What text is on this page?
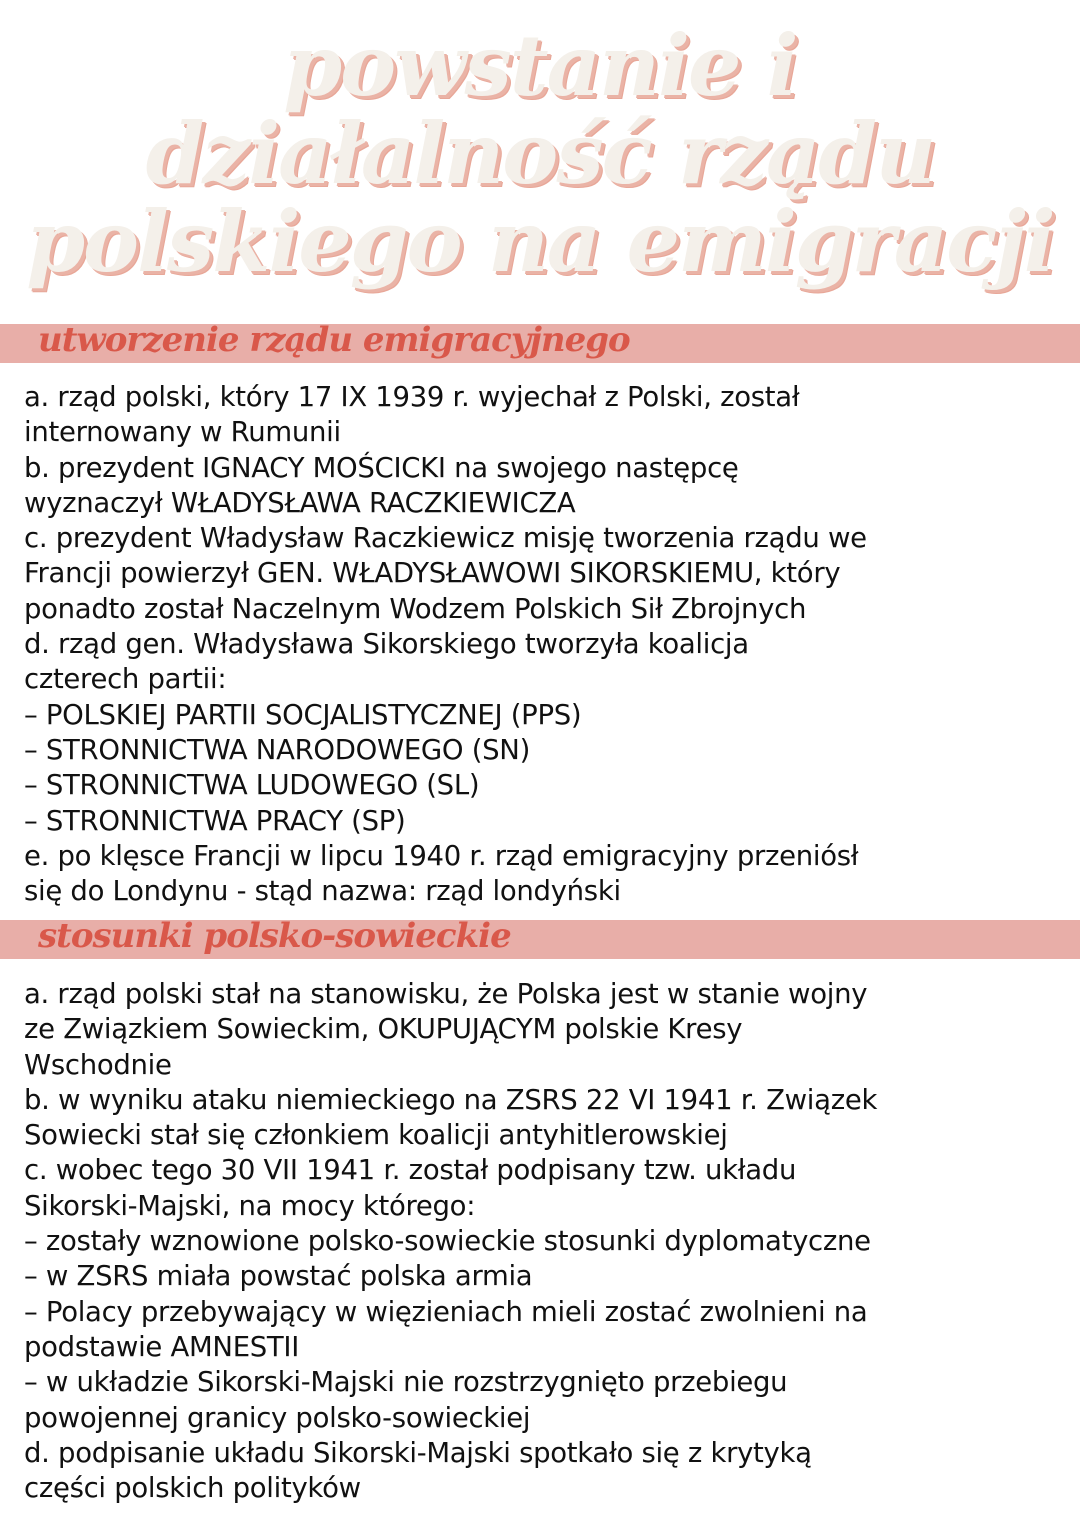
powstanie i
działalność rządu
polskiego na emigracji
utworzenie rządu emigracyjnego
a. rząd polski, który 17 IX 1939 r. wyjechał z Polski, został
internowany w Rumunii
b. prezydent IGNACY MOŚCICKI na swojego następcę
wyznaczył WŁADYSŁAWA RACZKIEWICZA
c. prezydent Władysław Raczkiewicz misję tworzenia rządu we
Francji powierzył GEN. WŁADYSŁAWOWI SIKORSKIEMU, który
ponadto został Naczelnym Wodzem Polskich Sił Zbrojnych
d. rząd gen. Władysława Sikorskiego tworzyła koalicja
czterech partii:
– POLSKIEJ PARTII SOCJALISTYCZNEJ (PPS)
– STRONNICTWA NARODOWEGO (SN)
– STRONNICTWA LUDOWEGO (SL)
– STRONNICTWA PRACY (SP)
e. po klęsce Francji w lipcu 1940 r. rząd emigracyjny przeniósł
się do Londynu - stąd nazwa: rząd londyński
stosunki polsko-sowieckie
a. rząd polski stał na stanowisku, że Polska jest w stanie wojny
ze Związkiem Sowieckim, OKUPUJĄCYM polskie Kresy
Wschodnie
b. w wyniku ataku niemieckiego na ZSRS 22 VI 1941 r. Związek
Sowiecki stał się członkiem koalicji antyhitlerowskiej
c. wobec tego 30 VII 1941 r. został podpisany tzw. układu
Sikorski-Majski, na mocy którego:
– zostały wznowione polsko-sowieckie stosunki dyplomatyczne
– w ZSRS miała powstać polska armia
– Polacy przebywający w więzieniach mieli zostać zwolnieni na
podstawie AMNESTII
– w układzie Sikorski-Majski nie rozstrzygnięto przebiegu
powojennej granicy polsko-sowieckiej
d. podpisanie układu Sikorski-Majski spotkało się z krytyką
części polskich polityków
